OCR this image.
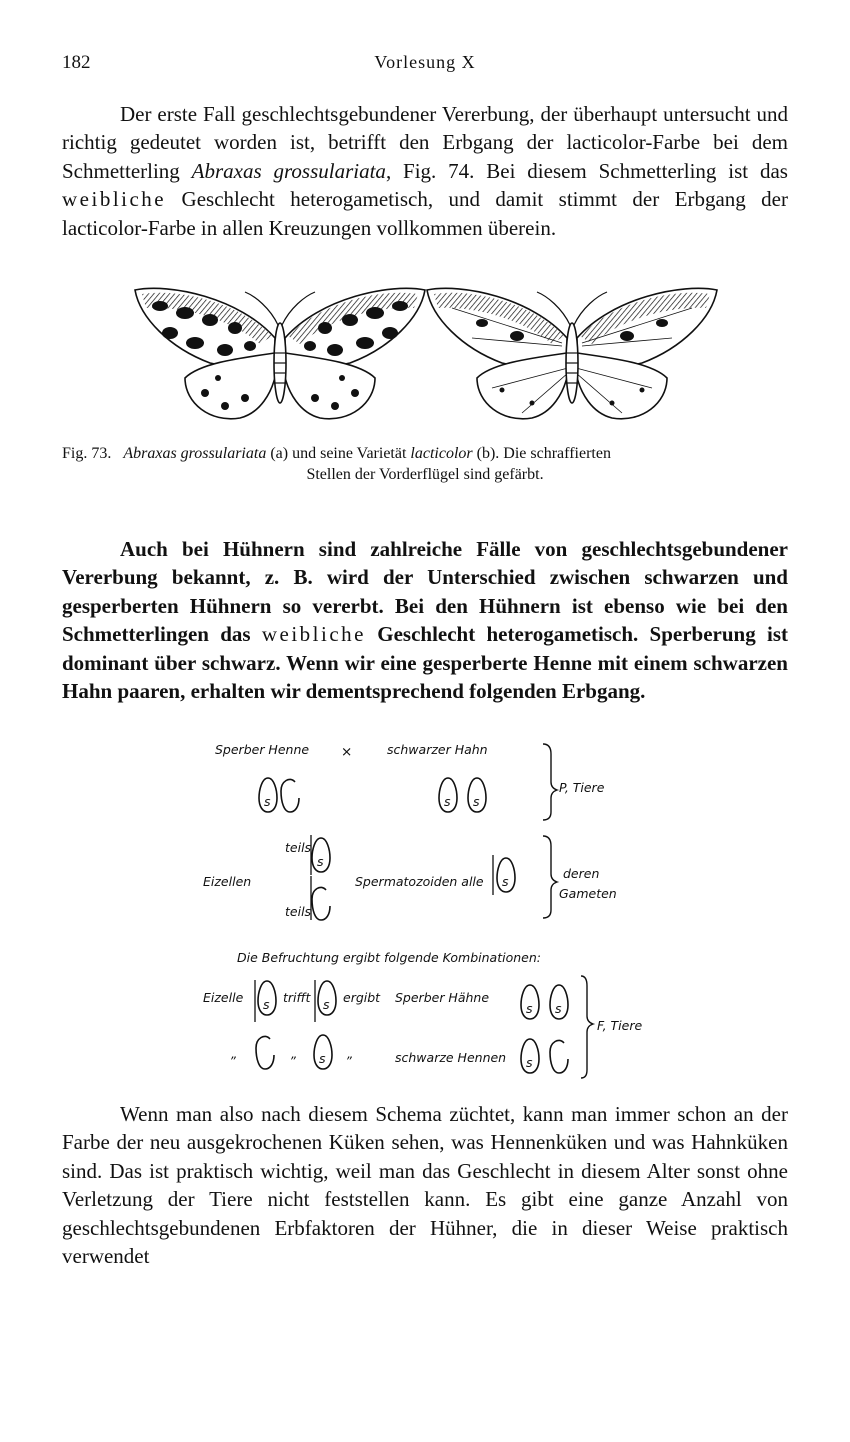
182	Vorlesung X

Der erste Fall geschlechtsgebundener Vererbung, der überhaupt untersucht und richtig gedeutet worden ist, betrifft den Erbgang der lacticolor-Farbe bei dem Schmetterling Abraxas grossulariata, Fig. 74. Bei diesem Schmetterling ist das weibliche Geschlecht heterogametisch, und damit stimmt der Erbgang der lacticolor-Farbe in allen Kreuzungen vollkommen überein.

Fig. 73. Abraxas grossulariata (a) und seine Varietät lacticolor (b). Die schraffierten
Stellen der Vorderflügel sind gefärbt.

Auch bei Hühnern sind zahlreiche Fälle von geschlechtsgebundener Vererbung bekannt, z. B. wird der Unterschied zwischen schwarzen und gesperberten Hühnern so vererbt. Bei den Hühnern ist ebenso wie bei den Schmetterlingen das weibliche Geschlecht heterogametisch. Sperberung ist dominant über schwarz. Wenn wir eine gesperberte Henne mit einem schwarzen Hahn paaren, erhalten wir dementsprechend folgenden Erbgang.

Sperber Henne ×	schwarzer Hahn
s	s s
P, Tiere
teils
s
Eizellen
teils
Spermatozoiden alle s
deren
Gameten
Die Befruchtung ergibt folgende Kombinationen:
Eizelle s trifft s ergibt Sperber Hähne
s s
„	„ s „	schwarze Hennen s
F, Tiere

Wenn man also nach diesem Schema züchtet, kann man immer schon an der Farbe der neu ausgekrochenen Küken sehen, was Hennenküken und was Hahnküken sind. Das ist praktisch wichtig, weil man das Geschlecht in diesem Alter sonst ohne Verletzung der Tiere nicht feststellen kann. Es gibt eine ganze Anzahl von geschlechtsgebundenen Erbfaktoren der Hühner, die in dieser Weise praktisch verwendet
